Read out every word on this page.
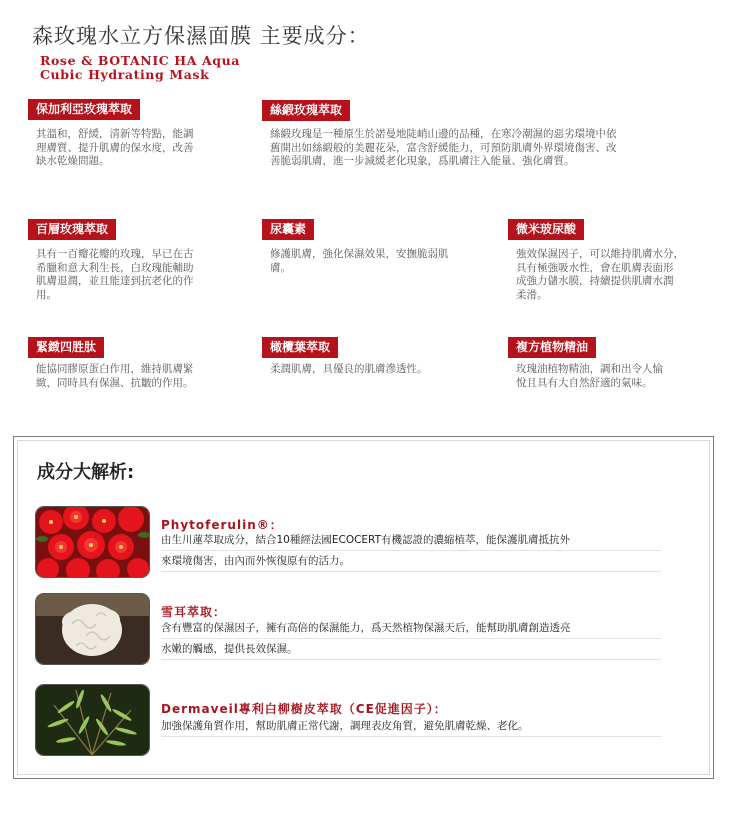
森玫瑰水立方保濕面膜 主要成分：
Rose & BOTANIC HA Aqua
Cubic Hydrating Mask
保加利亞玫瑰萃取
其溫和，舒緩，清新等特點，能調
理膚質、提升肌膚的保水度，改善
缺水乾燥問題。
絲緞玫瑰萃取
絲緞玫瑰是一種原生於諾曼地陡峭山邊的品種，在寒冷潮濕的惡劣環境中依
舊開出如絲緞般的美麗花朵，富含舒緩能力，可預防肌膚外界環境傷害、改
善脆弱肌膚，進一步減緩老化現象，爲肌膚注入能量、強化膚質。
百層玫瑰萃取
具有一百瓣花瓣的玫瑰，早已在古
希臘和意大利生長，白玫瑰能輔助
肌膚退潤，並且能達到抗老化的作
用。
尿囊素
修護肌膚，強化保濕效果，安撫脆弱肌
膚。
微米玻尿酸
強效保濕因子，可以維持肌膚水分，
具有極強吸水性，會在肌膚表面形
成強力儲水膜，持續提供肌膚水潤
柔滑。
緊緻四胜肽
能協同膠原蛋白作用，維持肌膚緊
緻，同時具有保濕、抗皺的作用。
橄欖葉萃取
柔潤肌膚，具優良的肌膚滲透性。
複方植物精油
玫瑰油植物精油，調和出令人愉
悅且具有大自然舒適的氣味。
成分大解析:
Phytoferulin®：
由生川蓮萃取成分，結合10種經法國ECOCERT有機認證的濃縮植萃，能保護肌膚抵抗外
來環境傷害，由內而外恢復原有的活力。
雪耳萃取：
含有豐富的保濕因子，擁有高倍的保濕能力，爲天然植物保濕天后，能幫助肌膚創造透亮
水嫩的觸感，提供長效保濕。
Dermaveil專利白柳樹皮萃取（CE促進因子）：
加強保護角質作用，幫助肌膚正常代謝，調理表皮角質，避免肌膚乾燥、老化。
